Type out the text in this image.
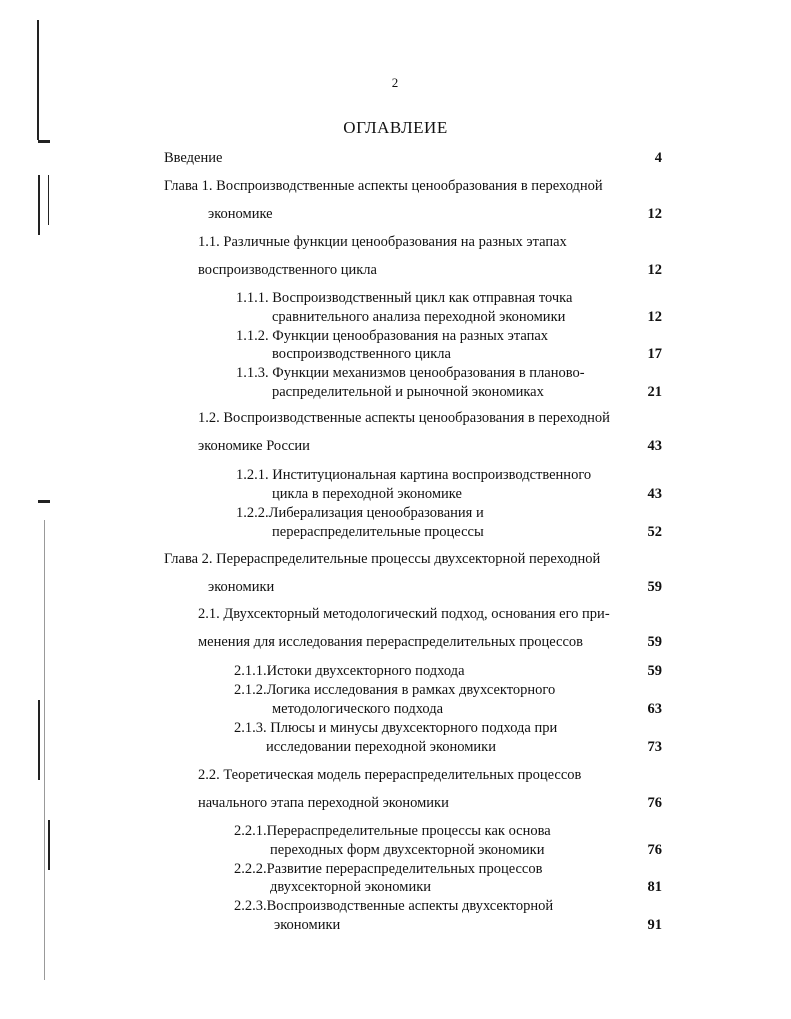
2
ОГЛАВЛЕИЕ
Введение	4
Глава 1. Воспроизводственные аспекты ценообразования в переходной
экономике	12
1.1. Различные функции ценообразования на разных этапах
воспроизводственного цикла	12
1.1.1. Воспроизводственный цикл как отправная точка
сравнительного анализа переходной экономики	12
1.1.2. Функции ценообразования на разных этапах
воспроизводственного цикла	17
1.1.3. Функции механизмов ценообразования в планово-
распределительной и рыночной экономиках	21
1.2. Воспроизводственные аспекты ценообразования в переходной
экономике России	43
1.2.1. Институциональная картина воспроизводственного
цикла в переходной экономике	43
1.2.2.Либерализация ценообразования и
перераспределительные процессы	52
Глава 2. Перераспределительные процессы двухсекторной переходной
экономики	59
2.1. Двухсекторный методологический подход, основания его при-
менения для исследования перераспределительных процессов	59
2.1.1.Истоки двухсекторного подхода	59
2.1.2.Логика исследования в рамках двухсекторного
методологического подхода	63
2.1.3. Плюсы и минусы двухсекторного подхода при
исследовании переходной экономики	73
2.2. Теоретическая модель перераспределительных процессов
начального этапа переходной экономики	76
2.2.1.Перераспределительные процессы как основа
переходных форм двухсекторной экономики	76
2.2.2.Развитие перераспределительных процессов
двухсекторной экономики	81
2.2.3.Воспроизводственные аспекты двухсекторной
экономики	91
